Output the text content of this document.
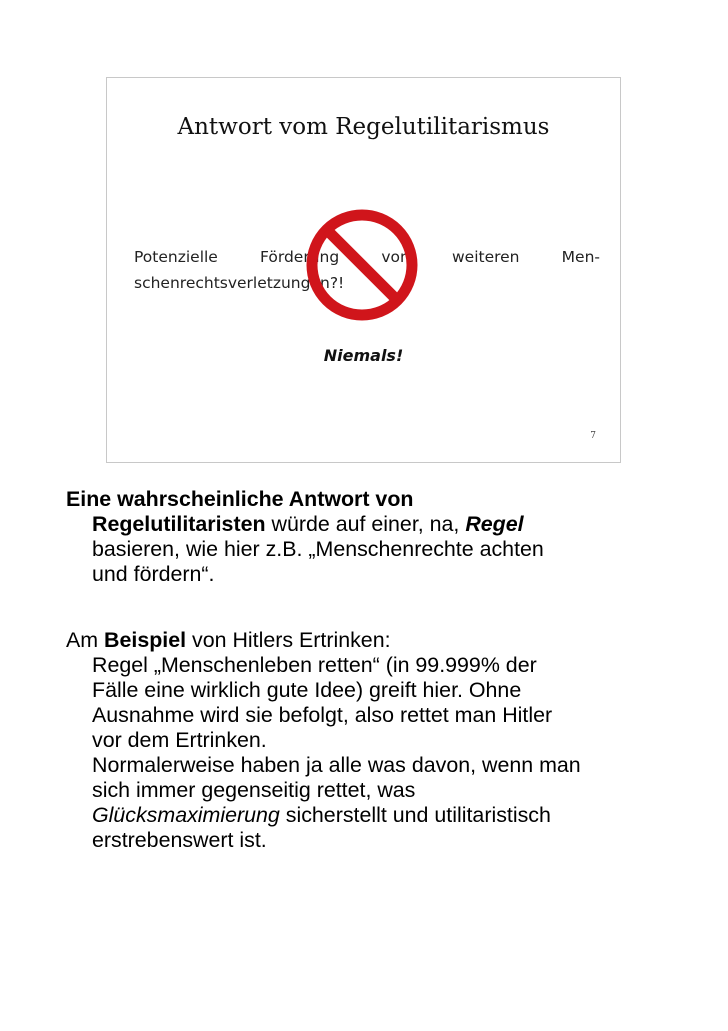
Antwort vom Regelutilitarismus
Potenzielle	Förderung	von	weiteren	Men-
schenrechtsverletzungen?!
Niemals!
7

Eine wahrscheinliche Antwort von

Regelutilitaristen würde auf einer, na, Regel

basieren, wie hier z.B. „Menschenrechte achten

und fördern“.

Am Beispiel von Hitlers Ertrinken:

Regel „Menschenleben retten“ (in 99.999% der

Fälle eine wirklich gute Idee) greift hier. Ohne

Ausnahme wird sie befolgt, also rettet man Hitler

vor dem Ertrinken.

Normalerweise haben ja alle was davon, wenn man

sich immer gegenseitig rettet, was

Glücksmaximierung sicherstellt und utilitaristisch

erstrebenswert ist.
